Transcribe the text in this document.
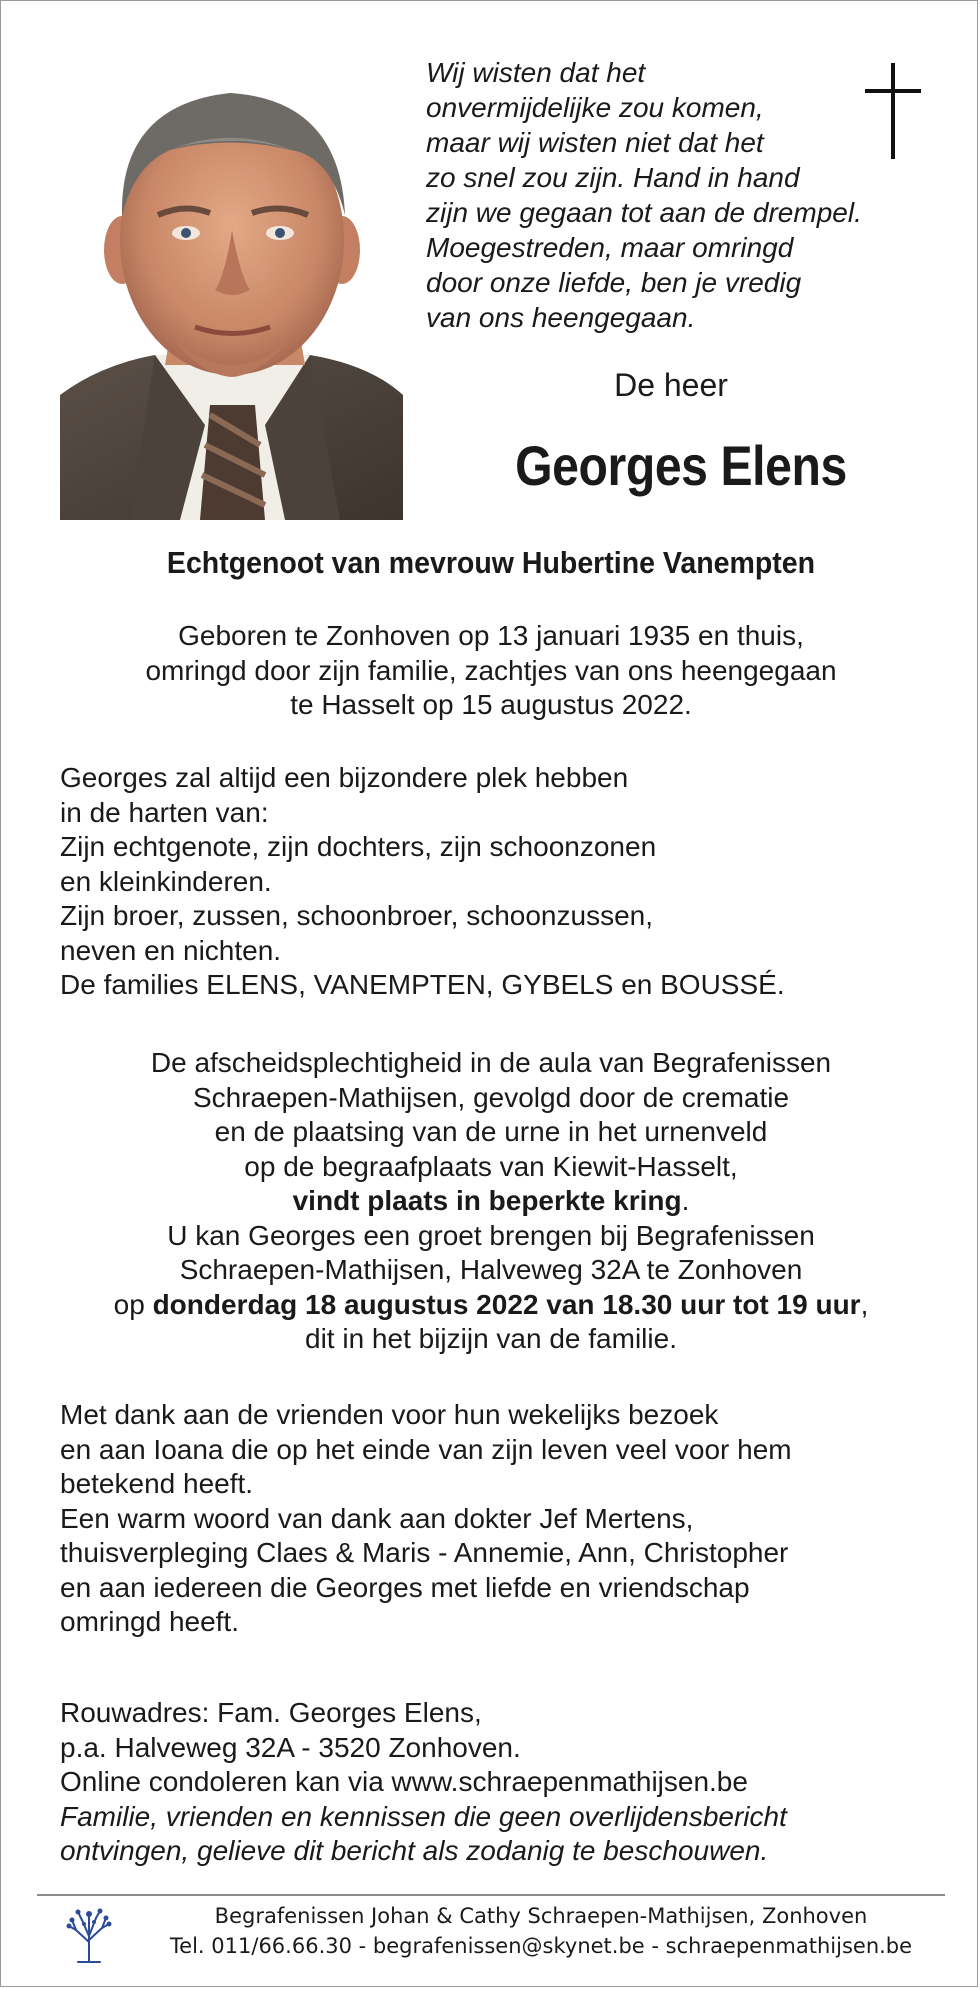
Wij wisten dat het
onvermijdelijke zou komen,
maar wij wisten niet dat het
zo snel zou zijn. Hand in hand
zijn we gegaan tot aan de drempel.
Moegestreden, maar omringd
door onze liefde, ben je vredig
van ons heengegaan.
De heer
Georges Elens
Echtgenoot van mevrouw Hubertine Vanempten
Geboren te Zonhoven op 13 januari 1935 en thuis,
omringd door zijn familie, zachtjes van ons heengegaan
te Hasselt op 15 augustus 2022.
Georges zal altijd een bijzondere plek hebben
in de harten van:
Zijn echtgenote, zijn dochters, zijn schoonzonen
en kleinkinderen.
Zijn broer, zussen, schoonbroer, schoonzussen,
neven en nichten.
De families ELENS, VANEMPTEN, GYBELS en BOUSSÉ.
De afscheidsplechtigheid in de aula van Begrafenissen
Schraepen-Mathijsen, gevolgd door de crematie
en de plaatsing van de urne in het urnenveld
op de begraafplaats van Kiewit-Hasselt,
vindt plaats in beperkte kring.
U kan Georges een groet brengen bij Begrafenissen
Schraepen-Mathijsen, Halveweg 32A te Zonhoven
op donderdag 18 augustus 2022 van 18.30 uur tot 19 uur,
dit in het bijzijn van de familie.
Met dank aan de vrienden voor hun wekelijks bezoek
en aan Ioana die op het einde van zijn leven veel voor hem
betekend heeft.
Een warm woord van dank aan dokter Jef Mertens,
thuisverpleging Claes & Maris - Annemie, Ann, Christopher
en aan iedereen die Georges met liefde en vriendschap
omringd heeft.
Rouwadres: Fam. Georges Elens,
p.a. Halveweg 32A - 3520 Zonhoven.
Online condoleren kan via www.schraepenmathijsen.be
Familie, vrienden en kennissen die geen overlijdensbericht
ontvingen, gelieve dit bericht als zodanig te beschouwen.
Begrafenissen Johan & Cathy Schraepen-Mathijsen, Zonhoven
Tel. 011/66.66.30 - begrafenissen@skynet.be - schraepenmathijsen.be
